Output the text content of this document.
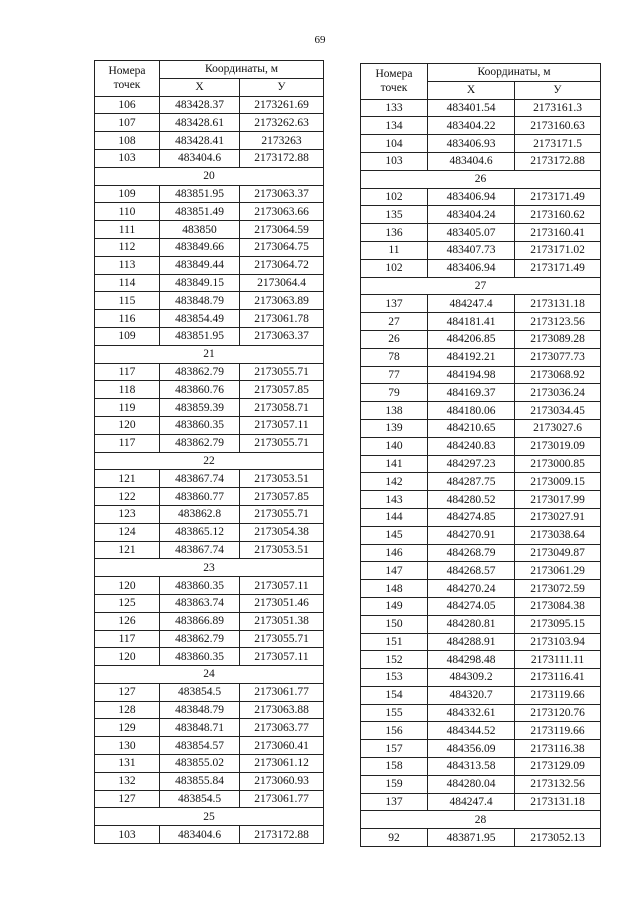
69
Номера
точек	Координаты, м	
	X	У
106	483428.37	2173261.69
107	483428.61	2173262.63
108	483428.41	2173263
103	483404.6	2173172.88
20		
109	483851.95	2173063.37
110	483851.49	2173063.66
111	483850	2173064.59
112	483849.66	2173064.75
113	483849.44	2173064.72
114	483849.15	2173064.4
115	483848.79	2173063.89
116	483854.49	2173061.78
109	483851.95	2173063.37
21		
117	483862.79	2173055.71
118	483860.76	2173057.85
119	483859.39	2173058.71
120	483860.35	2173057.11
117	483862.79	2173055.71
22		
121	483867.74	2173053.51
122	483860.77	2173057.85
123	483862.8	2173055.71
124	483865.12	2173054.38
121	483867.74	2173053.51
23		
120	483860.35	2173057.11
125	483863.74	2173051.46
126	483866.89	2173051.38
117	483862.79	2173055.71
120	483860.35	2173057.11
24		
127	483854.5	2173061.77
128	483848.79	2173063.88
129	483848.71	2173063.77
130	483854.57	2173060.41
131	483855.02	2173061.12
132	483855.84	2173060.93
127	483854.5	2173061.77
25		
103	483404.6	2173172.88
Номера
точек	Координаты, м	
	X	У
133	483401.54	2173161.3
134	483404.22	2173160.63
104	483406.93	2173171.5
103	483404.6	2173172.88
26		
102	483406.94	2173171.49
135	483404.24	2173160.62
136	483405.07	2173160.41
11	483407.73	2173171.02
102	483406.94	2173171.49
27		
137	484247.4	2173131.18
27	484181.41	2173123.56
26	484206.85	2173089.28
78	484192.21	2173077.73
77	484194.98	2173068.92
79	484169.37	2173036.24
138	484180.06	2173034.45
139	484210.65	2173027.6
140	484240.83	2173019.09
141	484297.23	2173000.85
142	484287.75	2173009.15
143	484280.52	2173017.99
144	484274.85	2173027.91
145	484270.91	2173038.64
146	484268.79	2173049.87
147	484268.57	2173061.29
148	484270.24	2173072.59
149	484274.05	2173084.38
150	484280.81	2173095.15
151	484288.91	2173103.94
152	484298.48	2173111.11
153	484309.2	2173116.41
154	484320.7	2173119.66
155	484332.61	2173120.76
156	484344.52	2173119.66
157	484356.09	2173116.38
158	484313.58	2173129.09
159	484280.04	2173132.56
137	484247.4	2173131.18
28		
92	483871.95	2173052.13
